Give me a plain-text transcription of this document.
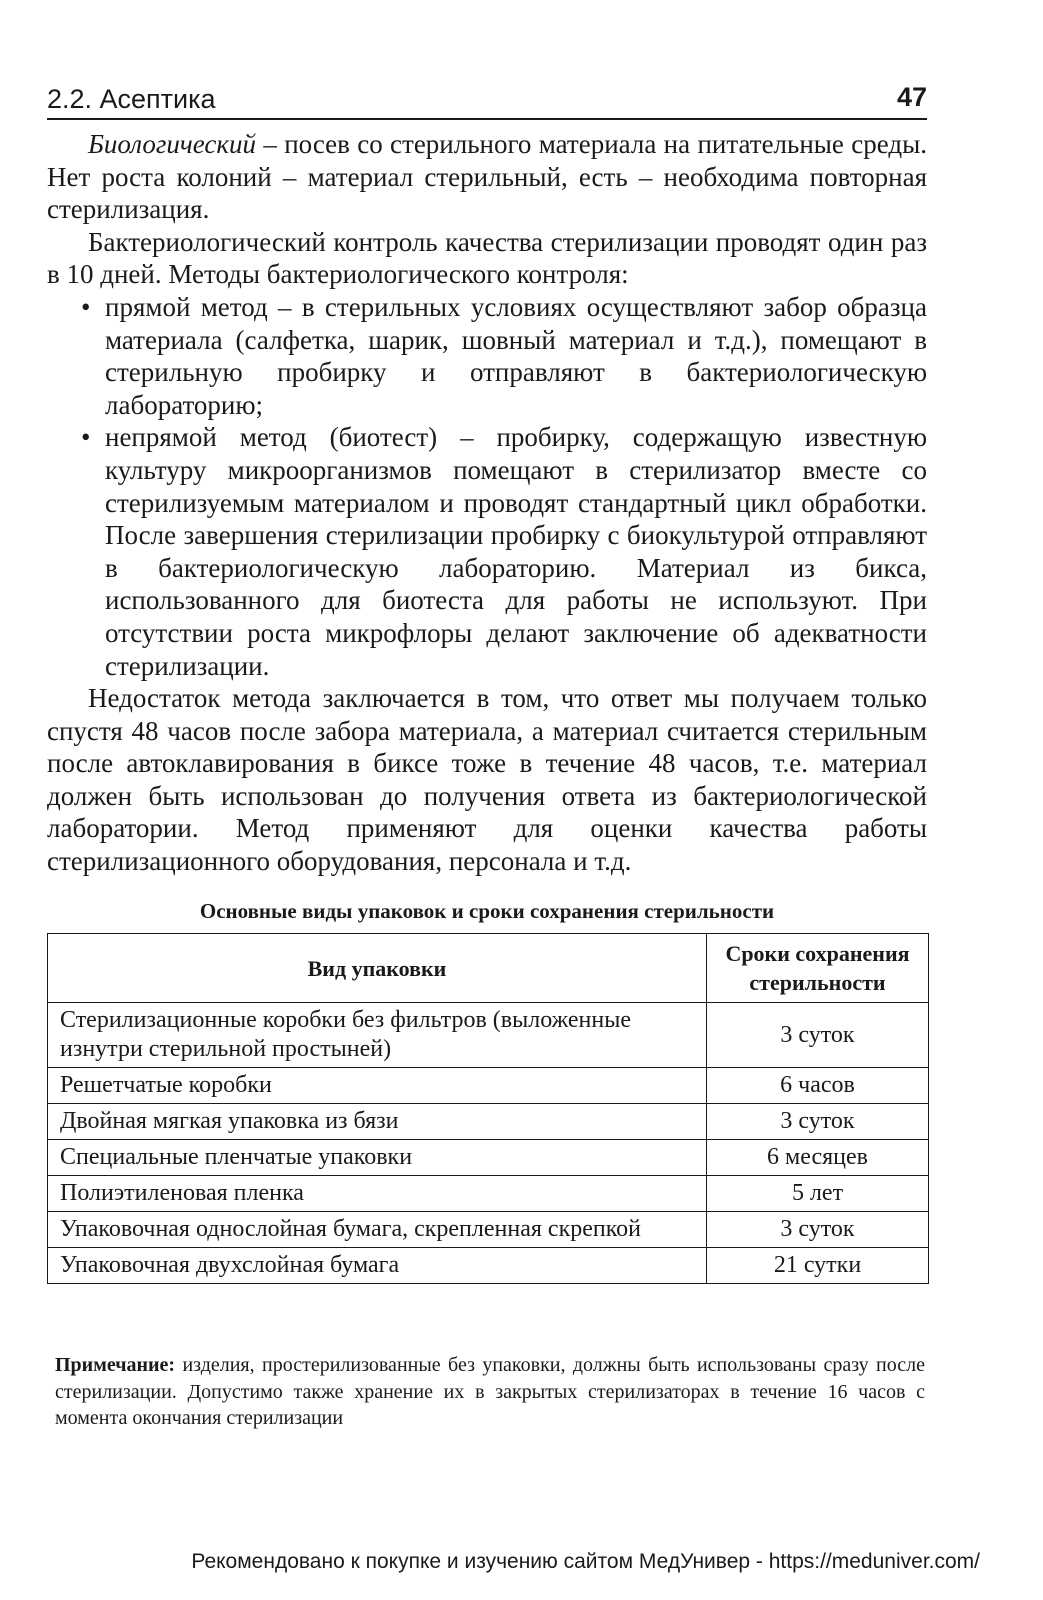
2.2. Асептика	47

Биологический – посев со стерильного материала на питательные среды. Нет роста колоний – материал стерильный, есть – необходима повторная стерилизация.

Бактериологический контроль качества стерилизации проводят один раз в 10 дней. Методы бактериологического контроля:

• прямой метод – в стерильных условиях осуществляют забор образца материала (салфетка, шарик, шовный материал и т.д.), помещают в стерильную пробирку и отправляют в бактериологическую лабораторию;
• непрямой метод (биотест) – пробирку, содержащую известную культуру микроорганизмов помещают в стерилизатор вместе со стерилизуемым материалом и проводят стандартный цикл обработки. После завершения стерилизации пробирку с биокультурой отправляют в бактериологическую лабораторию. Материал из бикса, использованного для биотеста для работы не используют. При отсутствии роста микрофлоры делают заключение об адекватности стерилизации.

Недостаток метода заключается в том, что ответ мы получаем только спустя 48 часов после забора материала, а материал считается стерильным после автоклавирования в биксе тоже в течение 48 часов, т.е. материал должен быть использован до получения ответа из бактериологической лаборатории. Метод применяют для оценки качества работы стерилизационного оборудования, персонала и т.д.

Основные виды упаковок и сроки сохранения стерильности
Вид упаковки	Сроки сохранения стерильности
Стерилизационные коробки без фильтров (выложенные изнутри стерильной простыней)	3 суток
Решетчатые коробки	6 часов
Двойная мягкая упаковка из бязи	3 суток
Специальные пленчатые упаковки	6 месяцев
Полиэтиленовая пленка	5 лет
Упаковочная однослойная бумага, скрепленная скрепкой	3 суток
Упаковочная двухслойная бумага	21 сутки
Примечание: изделия, простерилизованные без упаковки, должны быть использованы сразу после стерилизации. Допустимо также хранение их в закрытых стерилизаторах в течение 16 часов с момента окончания стерилизации
Рекомендовано к покупке и изучению сайтом МедУнивер - https://meduniver.com/
